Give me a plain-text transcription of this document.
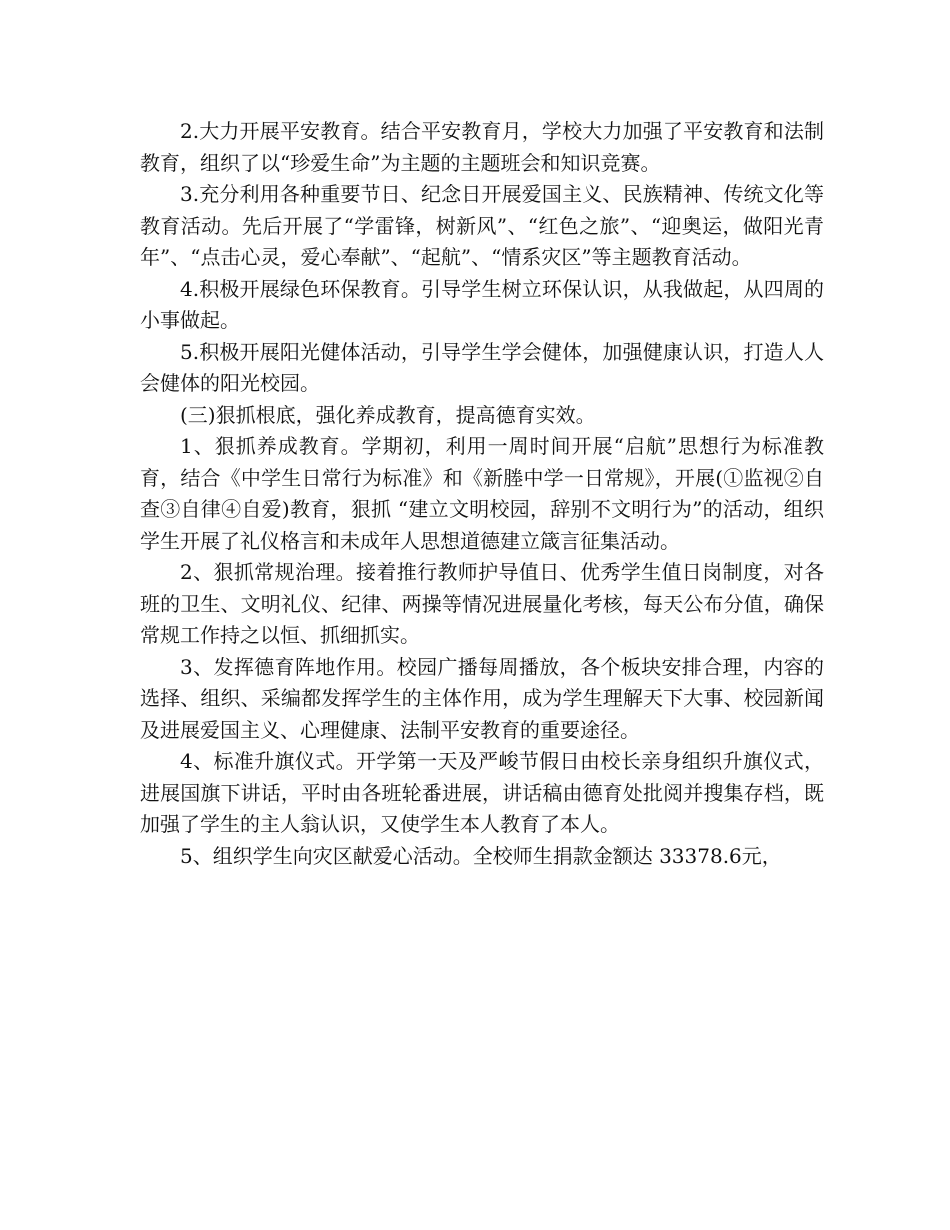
2.大力开展平安教育。结合平安教育月，学校大力加强了平安教育和法制教育，组织了以“珍爱生命”为主题的主题班会和知识竞赛。

3.充分利用各种重要节日、纪念日开展爱国主义、民族精神、传统文化等教育活动。先后开展了“学雷锋，树新风”、“红色之旅”、“迎奥运，做阳光青年”、“点击心灵，爱心奉献”、“起航”、“情系灾区”等主题教育活动。

4.积极开展绿色环保教育。引导学生树立环保认识，从我做起，从四周的小事做起。

5.积极开展阳光健体活动，引导学生学会健体，加强健康认识，打造人人会健体的阳光校园。

(三)狠抓根底，强化养成教育，提高德育实效。

1、狠抓养成教育。学期初，利用一周时间开展“启航”思想行为标准教育，结合《中学生日常行为标准》和《新塍中学一日常规》，开展(①监视②自查③自律④自爱)教育，狠抓 “建立文明校园，辞别不文明行为”的活动，组织学生开展了礼仪格言和未成年人思想道德建立箴言征集活动。

2、狠抓常规治理。接着推行教师护导值日、优秀学生值日岗制度，对各班的卫生、文明礼仪、纪律、两操等情况进展量化考核，每天公布分值，确保常规工作持之以恒、抓细抓实。

3、发挥德育阵地作用。校园广播每周播放，各个板块安排合理，内容的选择、组织、采编都发挥学生的主体作用，成为学生理解天下大事、校园新闻及进展爱国主义、心理健康、法制平安教育的重要途径。

4、标准升旗仪式。开学第一天及严峻节假日由校长亲身组织升旗仪式，进展国旗下讲话，平时由各班轮番进展，讲话稿由德育处批阅并搜集存档，既加强了学生的主人翁认识，又使学生本人教育了本人。

5、组织学生向灾区献爱心活动。全校师生捐款金额达 33378.6元，
